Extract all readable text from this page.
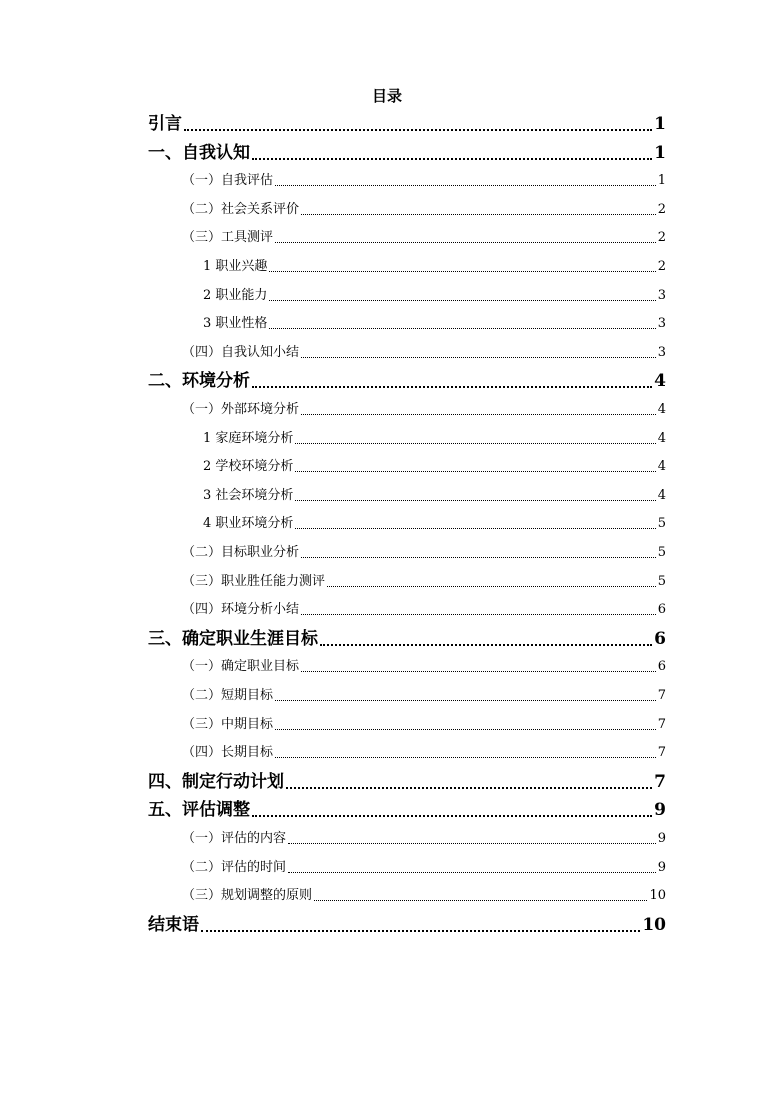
目录
引言	1
一、自我认知	1
（一）自我评估	1
（二）社会关系评价	2
（三）工具测评	2
1 职业兴趣	2
2 职业能力	3
3 职业性格	3
（四）自我认知小结	3
二、环境分析	4
（一）外部环境分析	4
1 家庭环境分析	4
2 学校环境分析	4
3 社会环境分析	4
4 职业环境分析	5
（二）目标职业分析	5
（三）职业胜任能力测评	5
（四）环境分析小结	6
三、确定职业生涯目标	6
（一）确定职业目标	6
（二）短期目标	7
（三）中期目标	7
（四）长期目标	7
四、制定行动计划	7
五、评估调整	9
（一）评估的内容	9
（二）评估的时间	9
（三）规划调整的原则	10
结束语	10
